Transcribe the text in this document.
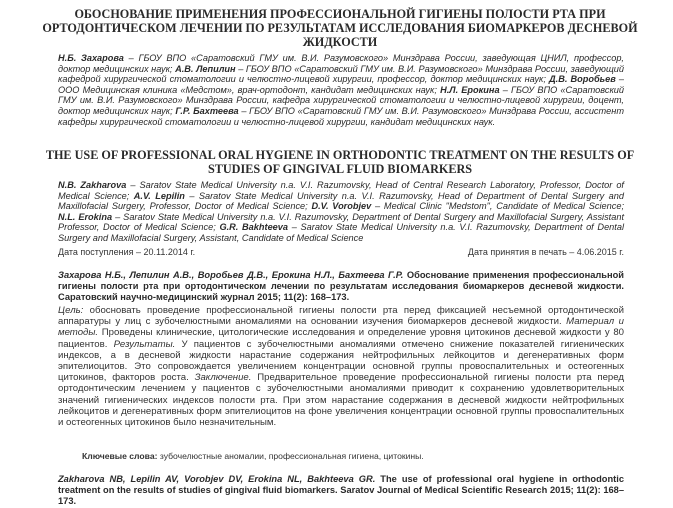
ОБОСНОВАНИЕ ПРИМЕНЕНИЯ ПРОФЕССИОНАЛЬНОЙ ГИГИЕНЫ ПОЛОСТИ РТА ПРИ ОРТОДОНТИЧЕСКОМ ЛЕЧЕНИИ ПО РЕЗУЛЬТАТАМ ИССЛЕДОВАНИЯ БИОМАРКЕРОВ ДЕСНЕВОЙ ЖИДКОСТИ
Н.Б. Захарова – ГБОУ ВПО «Саратовский ГМУ им. В.И. Разумовского» Минздрава России, заведующая ЦНИЛ, профессор, доктор медицинских наук; А.В. Лепилин – ГБОУ ВПО «Саратовский ГМУ им. В.И. Разумовского» Минздрава России, заведующий кафедрой хирургической стоматологии и челюстно-лицевой хирургии, профессор, доктор медицинских наук; Д.В. Воробьев – ООО Медицинская клиника «Медстом», врач-ортодонт, кандидат медицинских наук; Н.Л. Ерокина – ГБОУ ВПО «Саратовский ГМУ им. В.И. Разумовского» Минздрава России, кафедра хирургической стоматологии и челюстно-лицевой хирургии, доцент, доктор медицинских наук; Г.Р. Бахтеева – ГБОУ ВПО «Саратовский ГМУ им. В.И. Разумовского» Минздрава России, ассистент кафедры хирургической стоматологии и челюстно-лицевой хирургии, кандидат медицинских наук.
THE USE OF PROFESSIONAL ORAL HYGIENE IN ORTHODONTIC TREATMENT ON THE RESULTS OF STUDIES OF GINGIVAL FLUID BIOMARKERS
N.B. Zakharova – Saratov State Medical University n.a. V.I. Razumovsky, Head of Central Research Laboratory, Professor, Doctor of Medical Science; A.V. Lepilin – Saratov State Medical University n.a. V.I. Razumovsky, Head of Department of Dental Surgery and Maxillofacial Surgery, Professor, Doctor of Medical Science; D.V. Vorobjev – Medical Clinic "Medstom", Candidate of Medical Science; N.L. Erokina – Saratov State Medical University n.a. V.I. Razumovsky, Department of Dental Surgery and Maxillofacial Surgery, Assistant Professor, Doctor of Medical Science; G.R. Bakhteeva – Saratov State Medical University n.a. V.I. Razumovsky, Department of Dental Surgery and Maxillofacial Surgery, Assistant, Candidate of Medical Science
Дата поступления – 20.11.2014 г.	Дата принятия в печать – 4.06.2015 г.
Захарова Н.Б., Лепилин А.В., Воробьев Д.В., Ерокина Н.Л., Бахтеева Г.Р. Обоснование применения профессиональной гигиены полости рта при ортодонтическом лечении по результатам исследования биомаркеров десневой жидкости. Саратовский научно-медицинский журнал 2015; 11(2): 168–173.
Цель: обосновать проведение профессиональной гигиены полости рта перед фиксацией несъемной ортодонтической аппаратуры у лиц с зубочелюстными аномалиями на основании изучения биомаркеров десневой жидкости. Материал и методы. Проведены клинические, цитологические исследования и определение уровня цитокинов десневой жидкости у 80 пациентов. Результаты. У пациентов с зубочелюстными аномалиями отмечено снижение показателей гигиенических индексов, а в десневой жидкости нарастание содержания нейтрофильных лейкоцитов и дегенеративных форм эпителиоцитов. Это сопровождается увеличением концентрации основной группы провоспалительных и остеогенных цитокинов, факторов роста. Заключение. Предварительное проведение профессиональной гигиены полости рта перед ортодонтическим лечением у пациентов с зубочелюстными аномалиями приводит к сохранению удовлетворительных значений гигиенических индексов полости рта. При этом нарастание содержания в десневой жидкости нейтрофильных лейкоцитов и дегенеративных форм эпителиоцитов на фоне увеличения концентрации основной группы провоспалительных и остеогенных цитокинов было незначительным.
Ключевые слова: зубочелюстные аномалии, профессиональная гигиена, цитокины.
Zakharova NB, Lepilin AV, Vorobjev DV, Erokina NL, Bakhteeva GR. The use of professional oral hygiene in orthodontic treatment on the results of studies of gingival fluid biomarkers. Saratov Journal of Medical Scientific Research 2015; 11(2): 168–173.
